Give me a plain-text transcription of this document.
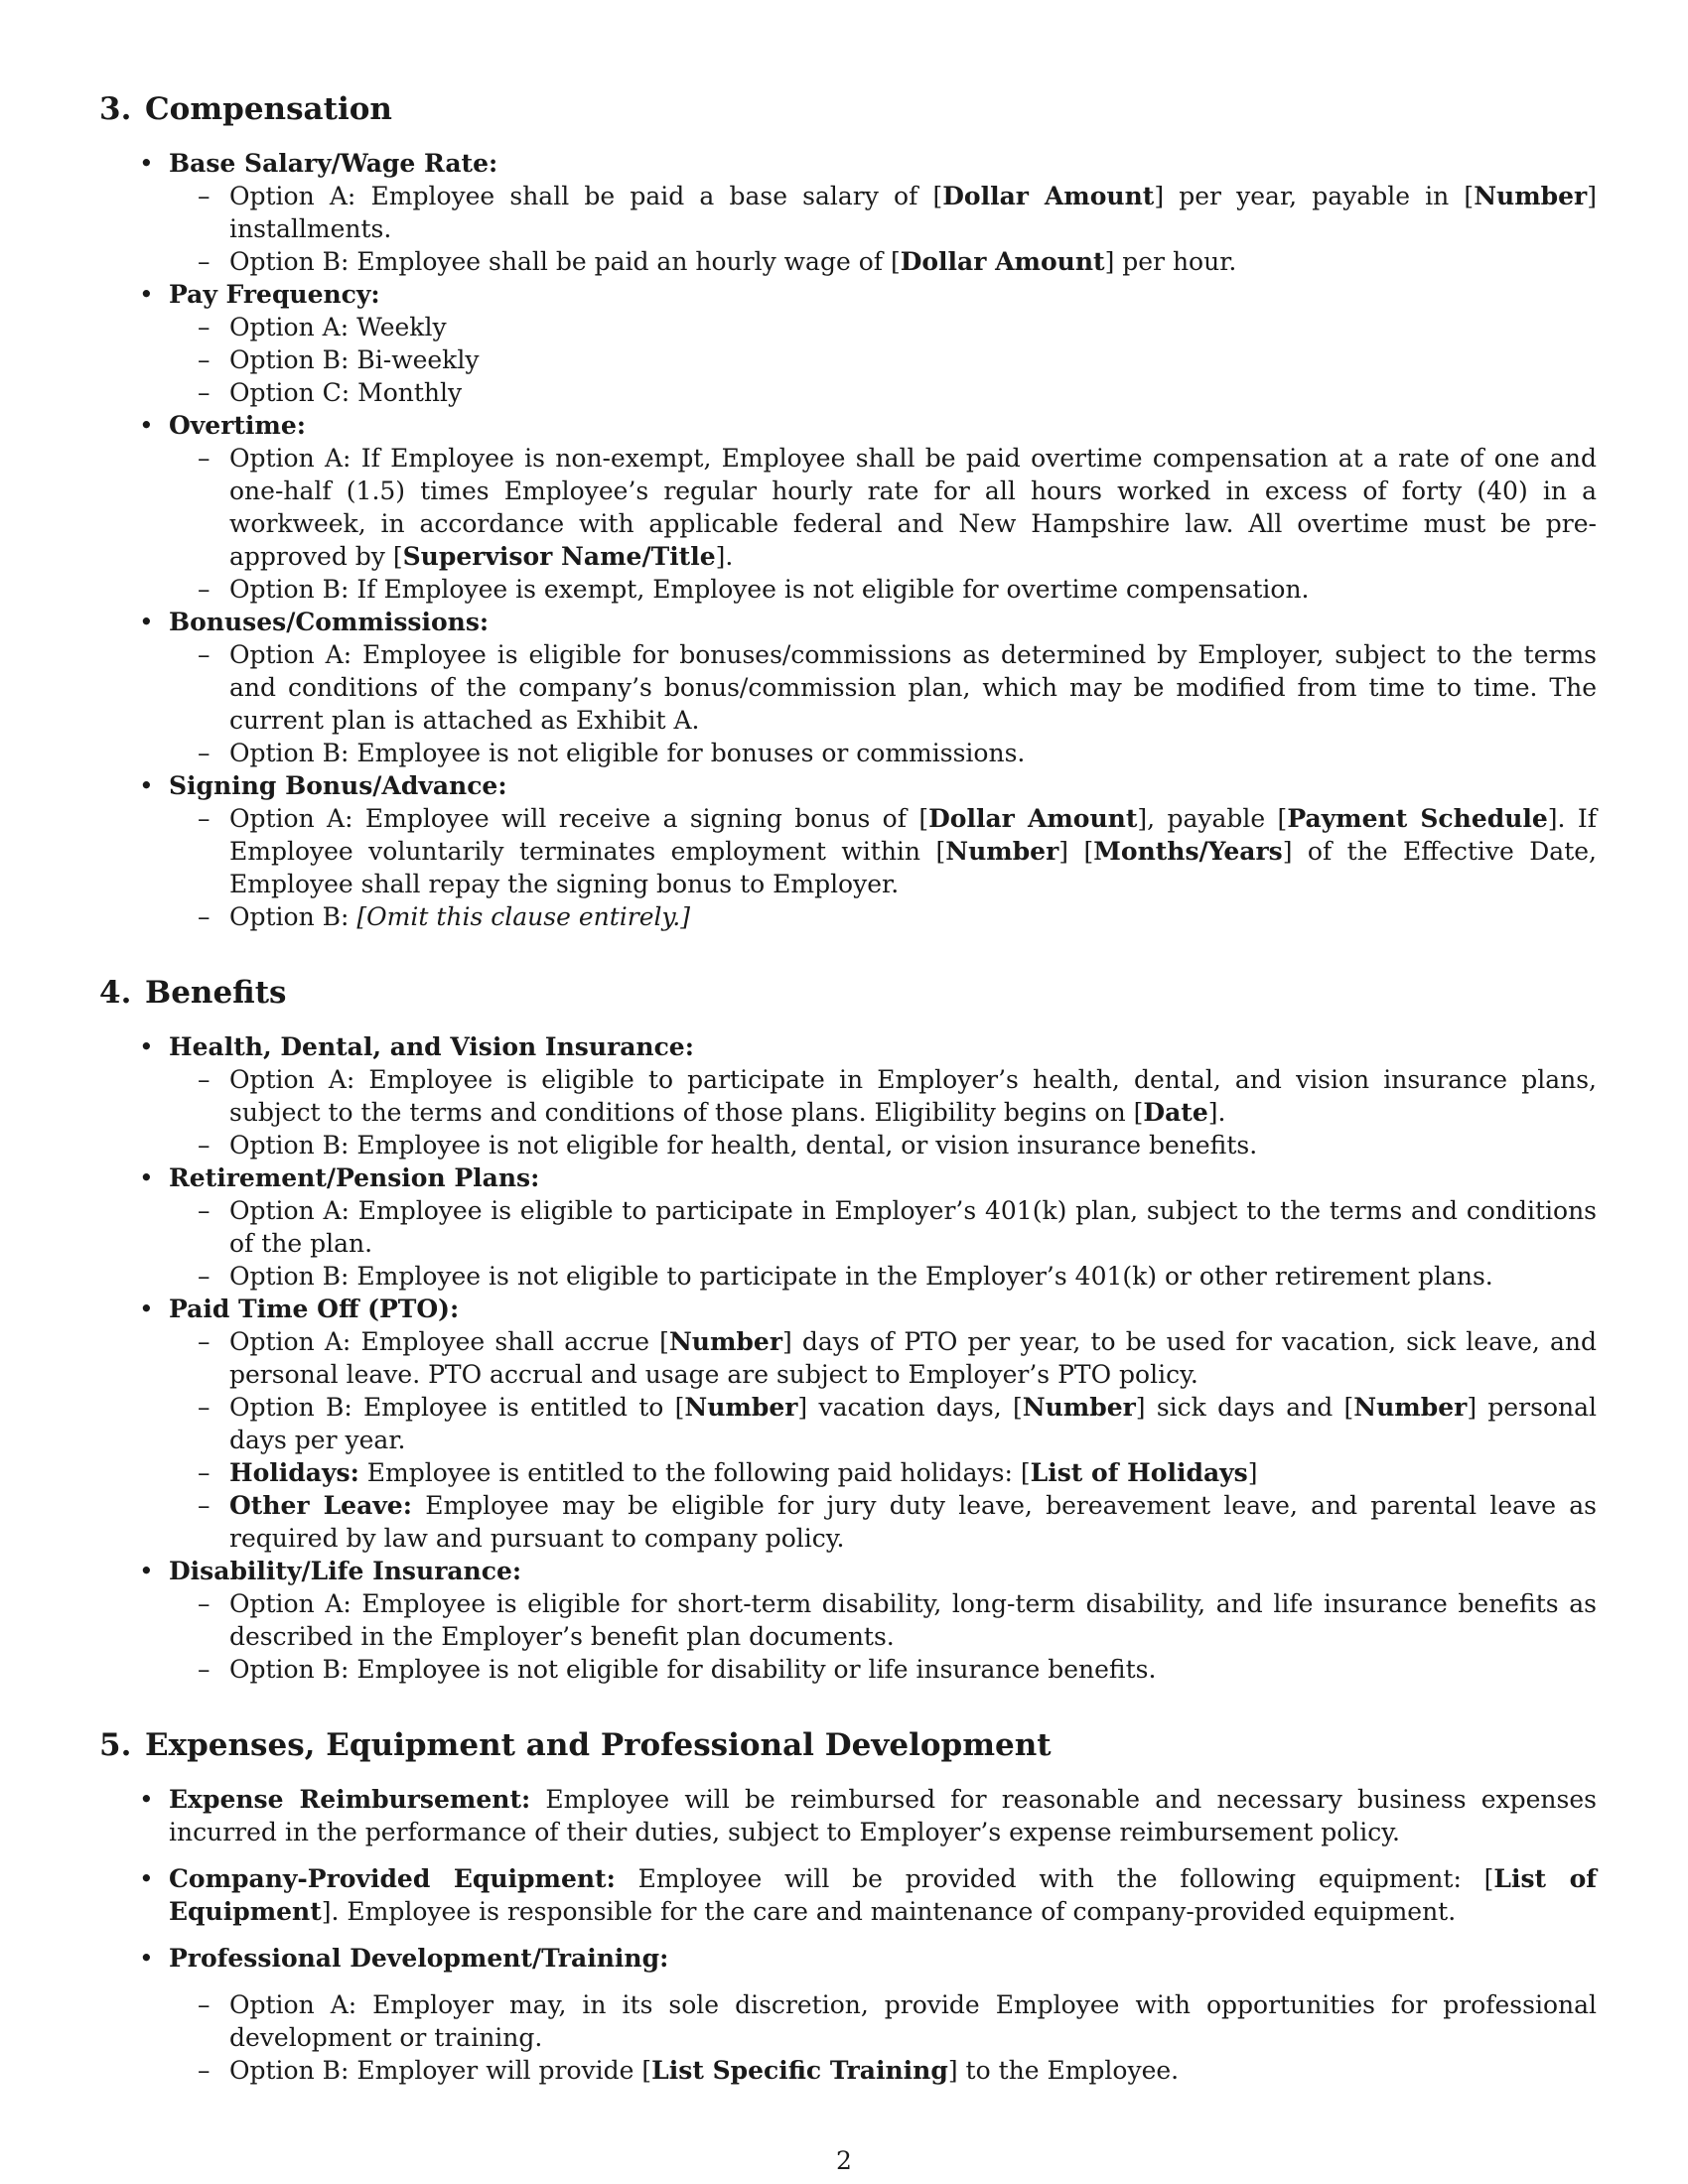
3. Compensation
• Base Salary/Wage Rate:
– Option A: Employee shall be paid a base salary of [Dollar Amount] per year, payable in [Number] installments.
– Option B: Employee shall be paid an hourly wage of [Dollar Amount] per hour.
• Pay Frequency:
– Option A: Weekly
– Option B: Bi-weekly
– Option C: Monthly
• Overtime:
– Option A: If Employee is non-exempt, Employee shall be paid overtime compensation at a rate of one and one-half (1.5) times Employee’s regular hourly rate for all hours worked in excess of forty (40) in a workweek, in accordance with applicable federal and New Hampshire law. All overtime must be pre-approved by [Supervisor Name/Title].
– Option B: If Employee is exempt, Employee is not eligible for overtime compensation.
• Bonuses/Commissions:
– Option A: Employee is eligible for bonuses/commissions as determined by Employer, subject to the terms and conditions of the company’s bonus/commission plan, which may be modified from time to time. The current plan is attached as Exhibit A.
– Option B: Employee is not eligible for bonuses or commissions.
• Signing Bonus/Advance:
– Option A: Employee will receive a signing bonus of [Dollar Amount], payable [Payment Schedule]. If Employee voluntarily terminates employment within [Number] [Months/Years] of the Effective Date, Employee shall repay the signing bonus to Employer.
– Option B: [Omit this clause entirely.]
4. Benefits
• Health, Dental, and Vision Insurance:
– Option A: Employee is eligible to participate in Employer’s health, dental, and vision insurance plans, subject to the terms and conditions of those plans. Eligibility begins on [Date].
– Option B: Employee is not eligible for health, dental, or vision insurance benefits.
• Retirement/Pension Plans:
– Option A: Employee is eligible to participate in Employer’s 401(k) plan, subject to the terms and conditions of the plan.
– Option B: Employee is not eligible to participate in the Employer’s 401(k) or other retirement plans.
• Paid Time Off (PTO):
– Option A: Employee shall accrue [Number] days of PTO per year, to be used for vacation, sick leave, and personal leave. PTO accrual and usage are subject to Employer’s PTO policy.
– Option B: Employee is entitled to [Number] vacation days, [Number] sick days and [Number] personal days per year.
– Holidays: Employee is entitled to the following paid holidays: [List of Holidays]
– Other Leave: Employee may be eligible for jury duty leave, bereavement leave, and parental leave as required by law and pursuant to company policy.
• Disability/Life Insurance:
– Option A: Employee is eligible for short-term disability, long-term disability, and life insurance benefits as described in the Employer’s benefit plan documents.
– Option B: Employee is not eligible for disability or life insurance benefits.
5. Expenses, Equipment and Professional Development
• Expense Reimbursement: Employee will be reimbursed for reasonable and necessary business expenses incurred in the performance of their duties, subject to Employer’s expense reimbursement policy.
• Company-Provided Equipment: Employee will be provided with the following equipment: [List of Equipment]. Employee is responsible for the care and maintenance of company-provided equipment.
• Professional Development/Training:
– Option A: Employer may, in its sole discretion, provide Employee with opportunities for professional development or training.
– Option B: Employer will provide [List Specific Training] to the Employee.
2
